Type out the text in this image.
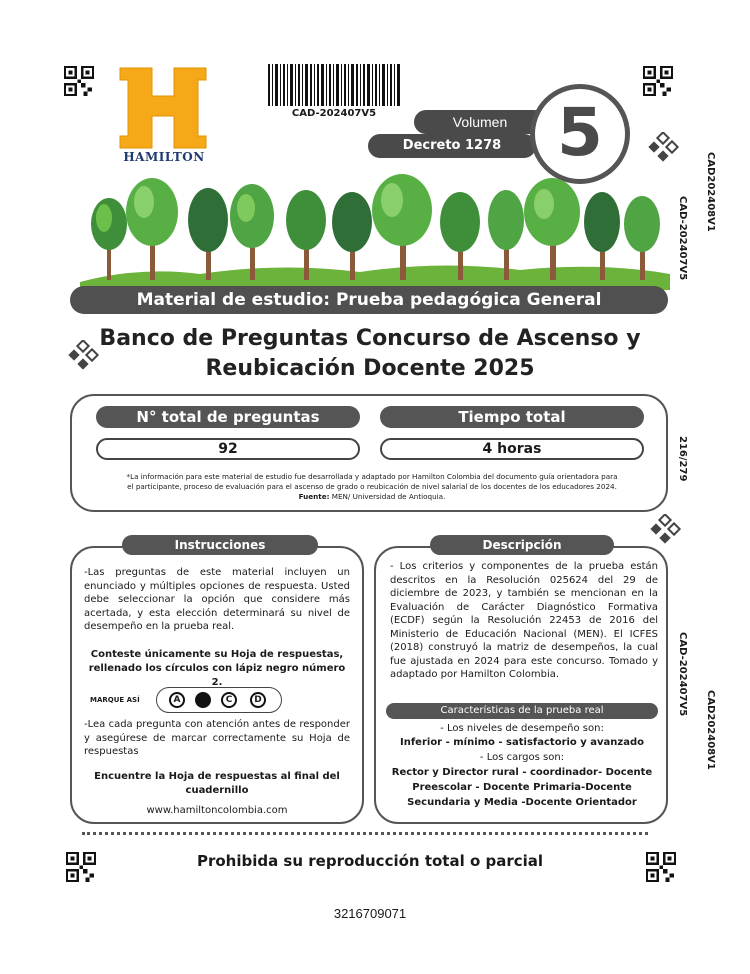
HAMILTON
CAD-202407V5
Volumen
Decreto 1278 5
CAD202408V1
CAD-202407V5
216/279
CAD-202407V5
CAD202408V1
Material de estudio: Prueba pedagógica General
Banco de Preguntas Concurso de Ascenso y
Reubicación Docente 2025
N° total de preguntas	Tiempo total
92	4 horas
*La información para este material de estudio fue desarrollada y adaptado por Hamilton Colombia del documento guía orientadora para
el participante, proceso de evaluación para el ascenso de grado o reubicación de nivel salarial de los docentes de los educadores 2024.
Fuente: MEN/ Universidad de Antioquia.
Instrucciones
-Las preguntas de este material incluyen un enunciado y múltiples opciones de respuesta. Usted debe seleccionar la opción que considere más acertada, y esta elección determinará su nivel de desempeño en la prueba real.
Conteste únicamente su Hoja de respuestas, rellenado los círculos con lápiz negro número 2.
MARQUE ASÍ	A	C	D
-Lea cada pregunta con atención antes de responder y asegúrese de marcar correctamente su Hoja de respuestas
Encuentre la Hoja de respuestas al final del cuadernillo
www.hamiltoncolombia.com
Descripción
- Los criterios y componentes de la prueba están descritos en la Resolución 025624 del 29 de diciembre de 2023, y también se mencionan en la Evaluación de Carácter Diagnóstico Formativa (ECDF) según la Resolución 22453 de 2016 del Ministerio de Educación Nacional (MEN). El ICFES (2018) construyó la matriz de desempeños, la cual fue ajustada en 2024 para este concurso. Tomado y adaptado por Hamilton Colombia.
Características de la prueba real
- Los niveles de desempeño son:
Inferior - mínimo - satisfactorio y avanzado
- Los cargos son:
Rector y Director rural - coordinador- Docente
Preescolar - Docente Primaria-Docente
Secundaria y Media -Docente Orientador
Prohibida su reproducción total o parcial
3216709071
